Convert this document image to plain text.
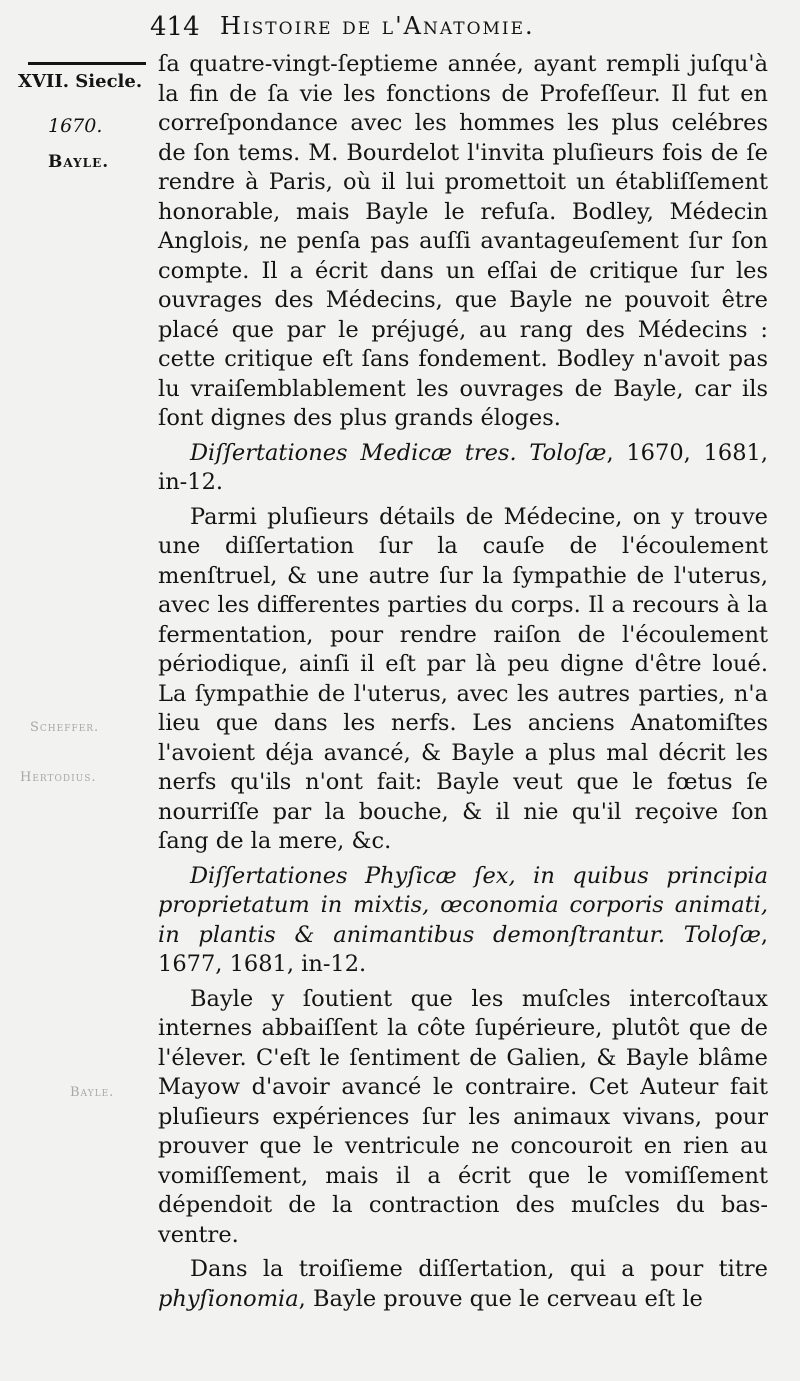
414 Histoire de l'Anatomie.
XVII. Siecle.
1670.
Bayle.
Scheffer.
Hertodius.
Bayle.

ſa quatre-vingt-ſeptieme année, ayant rempli juſqu'à la fin de ſa vie les fonctions de Profeſſeur. Il fut en correſpondance avec les hommes les plus celébres de ſon tems. M. Bourdelot l'invita pluſieurs fois de ſe rendre à Paris, où il lui promettoit un établiſſement honorable, mais Bayle le refuſa. Bodley, Médecin Anglois, ne penſa pas auſſi avantageuſement ſur ſon compte. Il a écrit dans un eſſai de critique ſur les ouvrages des Médecins, que Bayle ne pouvoit être placé que par le préjugé, au rang des Médecins : cette critique eſt ſans fondement. Bodley n'avoit pas lu vraiſemblablement les ouvrages de Bayle, car ils ſont dignes des plus grands éloges.

Diſſertationes Medicæ tres. Toloſæ, 1670, 1681, in-12.

Parmi pluſieurs détails de Médecine, on y trouve une diſſertation ſur la cauſe de l'écoulement menſtruel, & une autre ſur la ſympathie de l'uterus, avec les differentes parties du corps. Il a recours à la fermentation, pour rendre raiſon de l'écoulement périodique, ainſi il eſt par là peu digne d'être loué. La ſympathie de l'uterus, avec les autres parties, n'a lieu que dans les nerfs. Les anciens Anatomiſtes l'avoient déja avancé, & Bayle a plus mal décrit les nerfs qu'ils n'ont fait: Bayle veut que le fœtus ſe nourriſſe par la bouche, & il nie qu'il reçoive ſon ſang de la mere, &c.

Diſſertationes Phyſicæ ſex, in quibus principia proprietatum in mixtis, œconomia corporis animati, in plantis & animantibus demonſtrantur. Toloſæ, 1677, 1681, in-12.

Bayle y ſoutient que les muſcles intercoſtaux internes abbaiſſent la côte ſupérieure, plutôt que de l'élever. C'eſt le ſentiment de Galien, & Bayle blâme Mayow d'avoir avancé le contraire. Cet Auteur fait pluſieurs expériences ſur les animaux vivans, pour prouver que le ventricule ne concouroit en rien au vomiſſement, mais il a écrit que le vomiſſement dépendoit de la contraction des muſcles du bas-ventre.

Dans la troiſieme diſſertation, qui a pour titre phyſionomia, Bayle prouve que le cerveau eſt le
